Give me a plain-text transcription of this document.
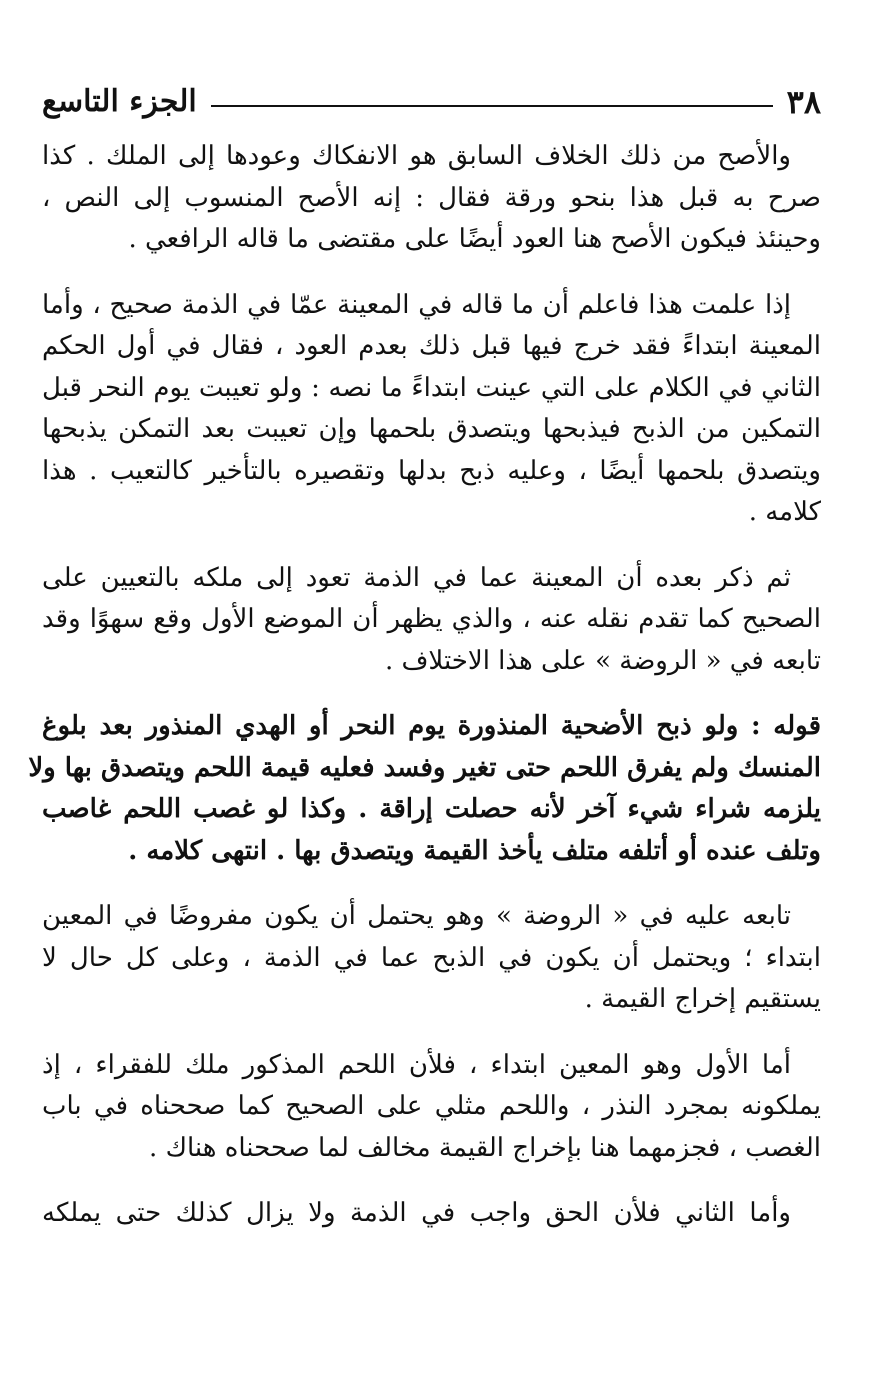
٣٨
الجزء التاسع

والأصح من ذلك الخلاف السابق هو الانفكاك وعودها إلى الملك . كذا
صرح به قبل هذا بنحو ورقة فقال : إنه الأصح المنسوب إلى النص ،
وحينئذ فيكون الأصح هنا العود أيضًا على مقتضى ما قاله الرافعي .

إذا علمت هذا فاعلم أن ما قاله في المعينة عمّا في الذمة صحيح ، وأما
المعينة ابتداءً فقد خرج فيها قبل ذلك بعدم العود ، فقال في أول الحكم
الثاني في الكلام على التي عينت ابتداءً ما نصه : ولو تعيبت يوم النحر قبل
التمكين من الذبح فيذبحها ويتصدق بلحمها وإن تعيبت بعد التمكن يذبحها
ويتصدق بلحمها أيضًا ، وعليه ذبح بدلها وتقصيره بالتأخير كالتعيب . هذا
كلامه .

ثم ذكر بعده أن المعينة عما في الذمة تعود إلى ملكه بالتعيين على
الصحيح كما تقدم نقله عنه ، والذي يظهر أن الموضع الأول وقع سهوًا وقد
تابعه في « الروضة » على هذا الاختلاف .

قوله : ولو ذبح الأضحية المنذورة يوم النحر أو الهدي المنذور بعد بلوغ
المنسك ولم يفرق اللحم حتى تغير وفسد فعليه قيمة اللحم ويتصدق بها ولا
يلزمه شراء شيء آخر لأنه حصلت إراقة . وكذا لو غصب اللحم غاصب
وتلف عنده أو أتلفه متلف يأخذ القيمة ويتصدق بها . انتهى كلامه .

تابعه عليه في « الروضة » وهو يحتمل أن يكون مفروضًا في المعين
ابتداء ؛ ويحتمل أن يكون في الذبح عما في الذمة ، وعلى كل حال لا
يستقيم إخراج القيمة .

أما الأول وهو المعين ابتداء ، فلأن اللحم المذكور ملك للفقراء ، إذ
يملكونه بمجرد النذر ، واللحم مثلي على الصحيح كما صححناه في باب
الغصب ، فجزمهما هنا بإخراج القيمة مخالف لما صححناه هناك .

وأما الثاني فلأن الحق واجب في الذمة ولا يزال كذلك حتى يملكه
